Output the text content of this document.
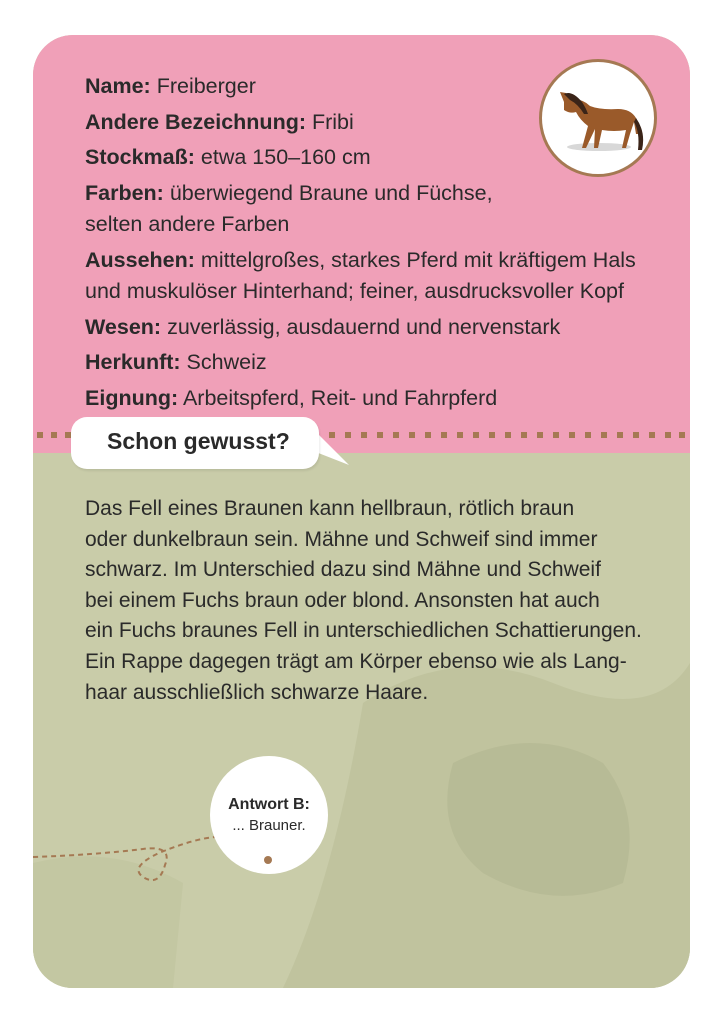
Name: Freiberger
Andere Bezeichnung: Fribi
Stockmaß: etwa 150–160 cm
Farben: überwiegend Braune und Füchse,
selten andere Farben
Aussehen: mittelgroßes, starkes Pferd mit kräftigem Hals
und muskulöser Hinterhand; feiner, ausdrucksvoller Kopf
Wesen: zuverlässig, ausdauernd und nervenstark
Herkunft: Schweiz
Eignung: Arbeitspferd, Reit- und Fahrpferd
Schon gewusst?
Das Fell eines Braunen kann hellbraun, rötlich braun
oder dunkelbraun sein. Mähne und Schweif sind immer
schwarz. Im Unterschied dazu sind Mähne und Schweif
bei einem Fuchs braun oder blond. Ansonsten hat auch
ein Fuchs braunes Fell in unterschiedlichen Schattierungen.
Ein Rappe dagegen trägt am Körper ebenso wie als Lang-
haar ausschließlich schwarze Haare.
Antwort B:
... Brauner.
